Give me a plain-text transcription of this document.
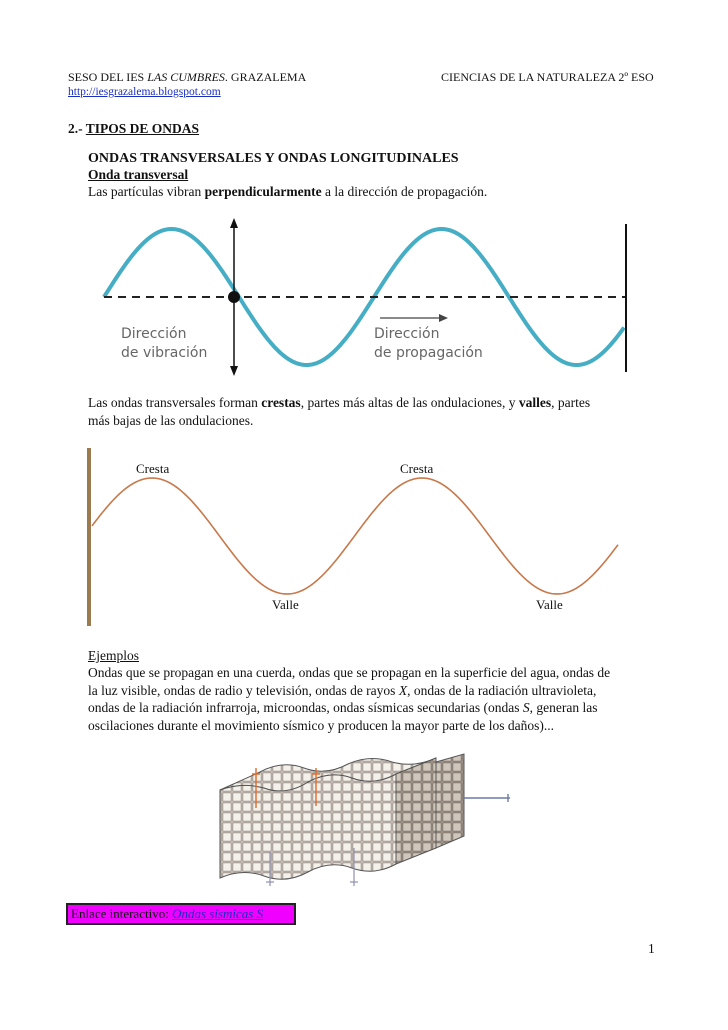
SESO DEL IES LAS CUMBRES. GRAZALEMA	CIENCIAS DE LA NATURALEZA 2º ESO
http://iesgrazalema.blogspot.com
2.- TIPOS DE ONDAS
ONDAS TRANSVERSALES Y ONDAS LONGITUDINALES
Onda transversal
Las partículas vibran perpendicularmente a la dirección de propagación.
Dirección
de vibración
Dirección
de propagación
Las ondas transversales forman crestas, partes más altas de las ondulaciones, y valles, partes
más bajas de las ondulaciones.
Cresta	Cresta
Valle	Valle
Ejemplos
Ondas que se propagan en una cuerda, ondas que se propagan en la superficie del agua, ondas de
la luz visible, ondas de radio y televisión, ondas de rayos X, ondas de la radiación ultravioleta,
ondas de la radiación infrarroja, microondas, ondas sísmicas secundarias (ondas S, generan las
oscilaciones durante el movimiento sísmico y producen la mayor parte de los daños)...
Enlace interactivo: Ondas sísmicas S
1
